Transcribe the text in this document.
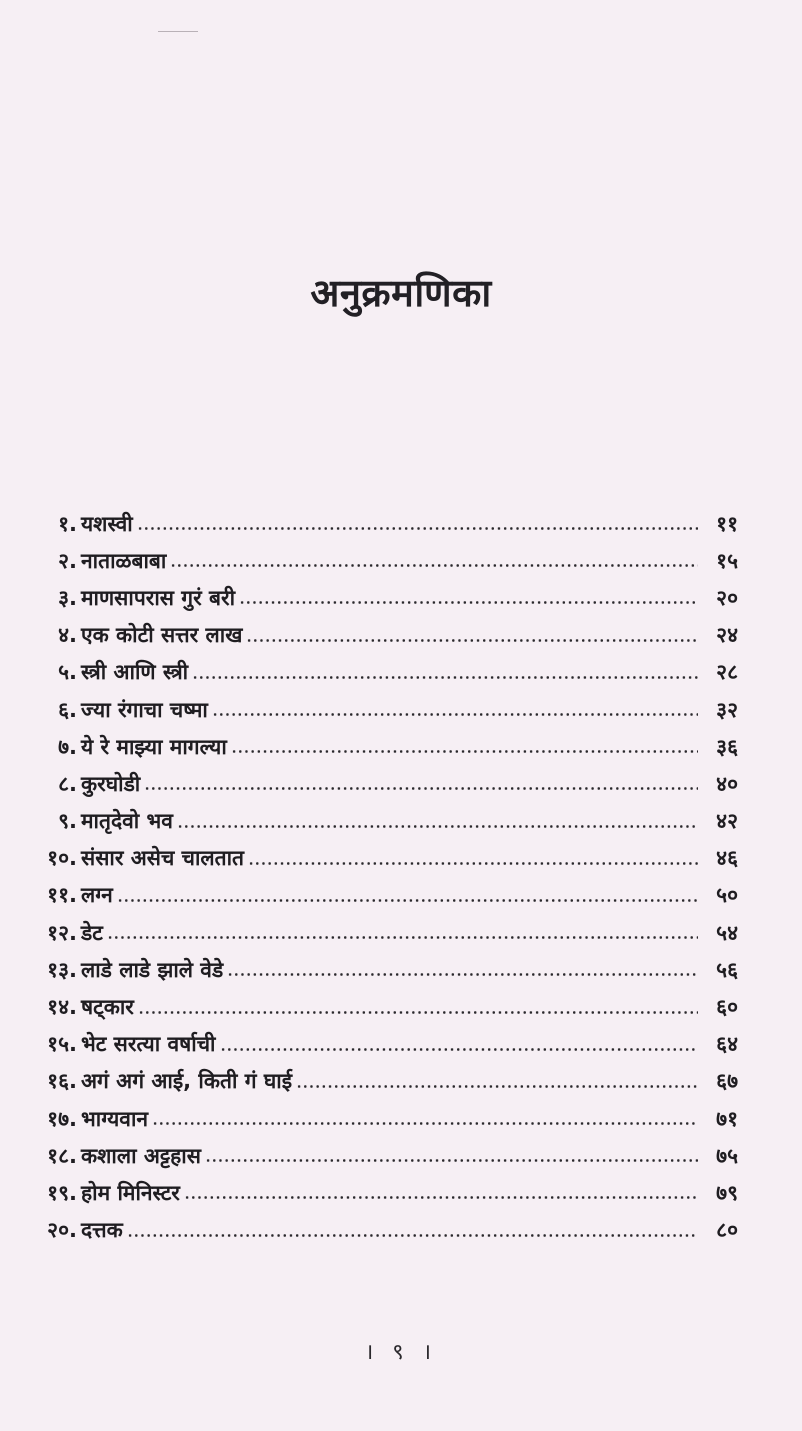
अनुक्रमणिका
१. यशस्वी	११
२. नाताळबाबा	१५
३. माणसापरास गुरं बरी	२०
४. एक कोटी सत्तर लाख	२४
५. स्त्री आणि स्त्री	२८
६. ज्या रंगाचा चष्मा	३२
७. ये रे माझ्या मागल्या	३६
८. कुरघोडी	४०
९. मातृदेवो भव	४२
१०. संसार असेच चालतात	४६
११. लग्न	५०
१२. डेट	५४
१३. लाडे लाडे झाले वेडे	५६
१४. षट्कार	६०
१५. भेट सरत्या वर्षाची	६४
१६. अगं अगं आई, किती गं घाई	६७
१७. भाग्यवान	७१
१८. कशाला अट्टहास	७५
१९. होम मिनिस्टर	७९
२०. दत्तक	८०
। ९ ।
